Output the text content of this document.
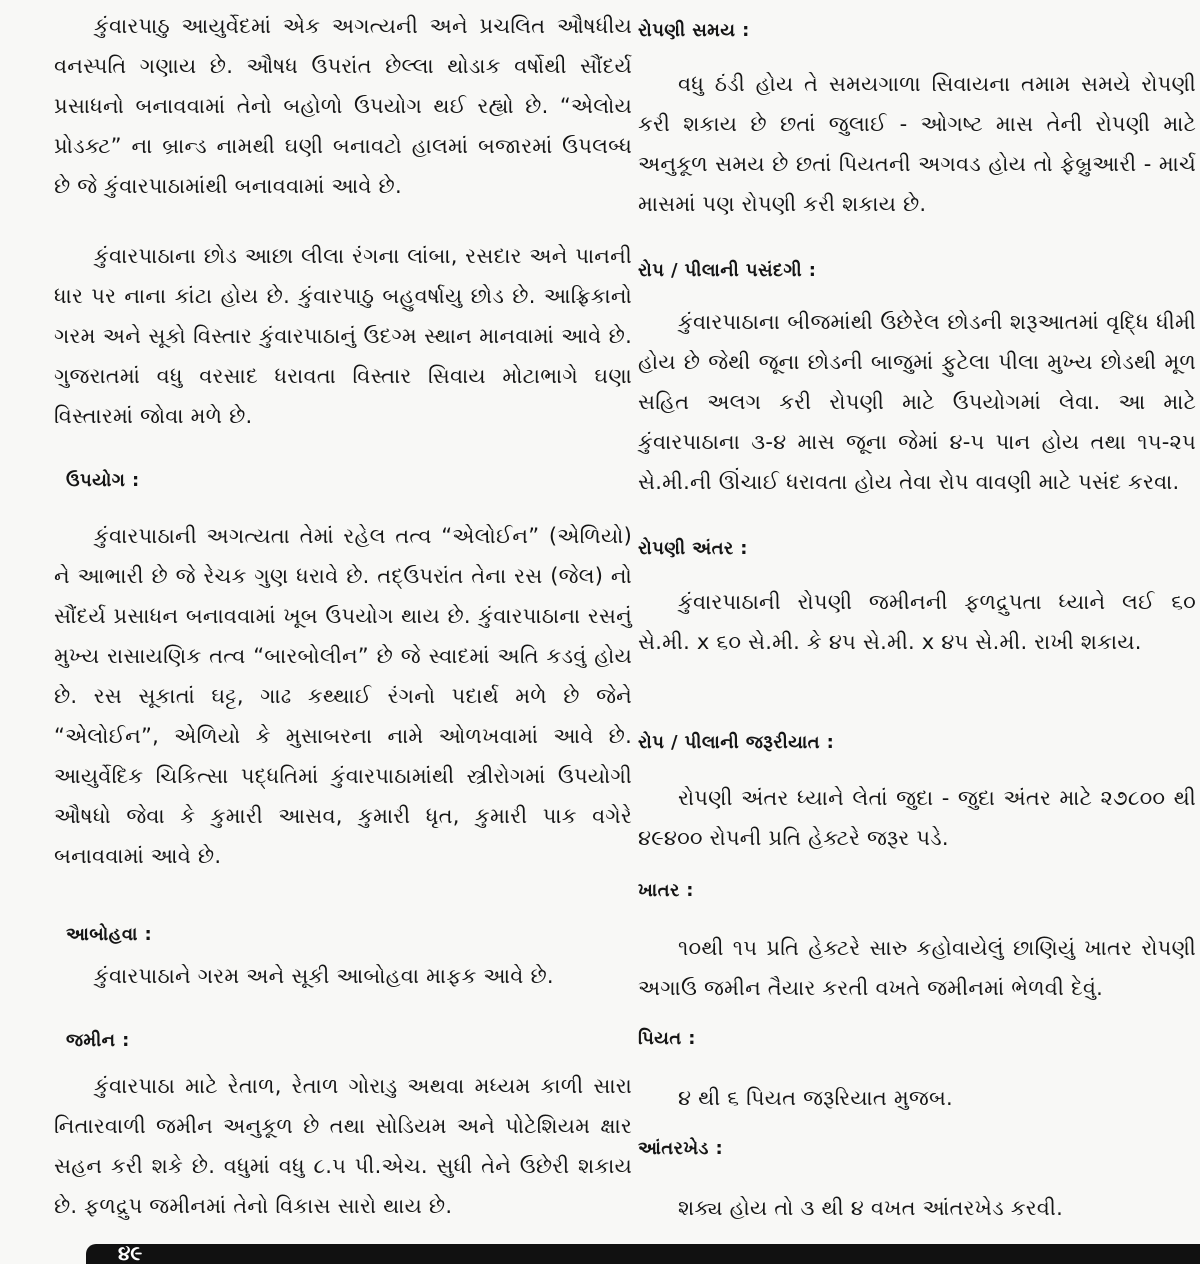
કુંવારપાઠુ આયુર્વેદમાં એક અગત્યની અને પ્રચલિત ઔષધીય વનસ્પતિ ગણાય છે. ઔષધ ઉપરાંત છેલ્લા થોડાક વર્ષોથી સૌંદર્ય પ્રસાધનો બનાવવામાં તેનો બહોળો ઉપયોગ થઈ રહ્યો છે. “એલોય પ્રોડક્ટ” ના બ્રાન્ડ નામથી ઘણી બનાવટો હાલમાં બજારમાં ઉપલબ્ધ છે જે કુંવારપાઠામાંથી બનાવવામાં આવે છે.

કુંવારપાઠાના છોડ આછા લીલા રંગના લાંબા, રસદાર અને પાનની ધાર પર નાના કાંટા હોય છે. કુંવારપાઠુ બહુવર્ષાયુ છોડ છે. આફ્રિકાનો ગરમ અને સૂકો વિસ્તાર કુંવારપાઠાનું ઉદગ્મ સ્થાન માનવામાં આવે છે. ગુજરાતમાં વધુ વરસાદ ધરાવતા વિસ્તાર સિવાય મોટાભાગે ઘણા વિસ્તારમાં જોવા મળે છે.

ઉપયોગ :

કુંવારપાઠાની અગત્યતા તેમાં રહેલ તત્વ “એલોઈન” (એળિયો) ને આભારી છે જે રેચક ગુણ ધરાવે છે. તદ્ઉપરાંત તેના રસ (જેલ) નો સૌંદર્ય પ્રસાધન બનાવવામાં ખૂબ ઉપયોગ થાય છે. કુંવારપાઠાના રસનું મુખ્ય રાસાયણિક તત્વ “બારબોલીન” છે જે સ્વાદમાં અતિ કડવું હોય છે. રસ સૂકાતાં ઘટ્ટ, ગાઢ કથ્થાઈ રંગનો પદાર્થ મળે છે જેને “એલોઈન”, એળિયો કે મુસાબરના નામે ઓળખવામાં આવે છે. આયુર્વેદિક ચિકિત્સા પદ્ધતિમાં કુંવારપાઠામાંથી સ્ત્રીરોગમાં ઉપયોગી ઔષધો જેવા કે કુમારી આસવ, કુમારી ધૃત, કુમારી પાક વગેરે બનાવવામાં આવે છે.

આબોહવા :

કુંવારપાઠાને ગરમ અને સૂકી આબોહવા માફક આવે છે.

જમીન :

કુંવારપાઠા માટે રેતાળ, રેતાળ ગોરાડુ અથવા મધ્યમ કાળી સારા નિતારવાળી જમીન અનુકૂળ છે તથા સોડિયમ અને પોટેશિયમ ક્ષાર સહન કરી શકે છે. વધુમાં વધુ ૮.૫ પી.એચ. સુધી તેને ઉછેરી શકાય છે. ફળદ્રુપ જમીનમાં તેનો વિકાસ સારો થાય છે.

રોપણી સમય :

વધુ ઠંડી હોય તે સમયગાળા સિવાયના તમામ સમયે રોપણી કરી શકાય છે છતાં જુલાઈ - ઓગષ્ટ માસ તેની રોપણી માટે અનુકૂળ સમય છે છતાં પિયતની અગવડ હોય તો ફેબ્રુઆરી - માર્ચ માસમાં પણ રોપણી કરી શકાય છે.

રોપ / પીલાની પસંદગી :

કુંવારપાઠાના બીજમાંથી ઉછેરેલ છોડની શરૂઆતમાં વૃદ્ધિ ધીમી હોય છે જેથી જૂના છોડની બાજુમાં ફુટેલા પીલા મુખ્ય છોડથી મૂળ સહિત અલગ કરી રોપણી માટે ઉપયોગમાં લેવા. આ માટે કુંવારપાઠાના ૩-૪ માસ જૂના જેમાં ૪-૫ પાન હોય તથા ૧૫-૨૫ સે.મી.ની ઊંચાઈ ધરાવતા હોય તેવા રોપ વાવણી માટે પસંદ કરવા.

રોપણી અંતર :

કુંવારપાઠાની રોપણી જમીનની ફળદ્રુપતા ધ્યાને લઈ ૬૦ સે.મી. x ૬૦ સે.મી. કે ૪૫ સે.મી. x ૪૫ સે.મી. રાખી શકાય.

રોપ / પીલાની જરૂરીયાત :

રોપણી અંતર ધ્યાને લેતાં જુદા - જુદા અંતર માટે ૨૭૮૦૦ થી ૪૯૪૦૦ રોપની પ્રતિ હેક્ટરે જરૂર પડે.

ખાતર :

૧૦થી ૧૫ પ્રતિ હેક્ટરે સારુ કહોવાયેલું છાણિયું ખાતર રોપણી અગાઉ જમીન તૈયાર કરતી વખતે જમીનમાં ભેળવી દેવું.

પિયત :

૪ થી ૬ પિયત જરૂરિયાત મુજબ.

આંતરખેડ :

શક્ય હોય તો ૩ થી ૪ વખત આંતરખેડ કરવી.

૪૯
